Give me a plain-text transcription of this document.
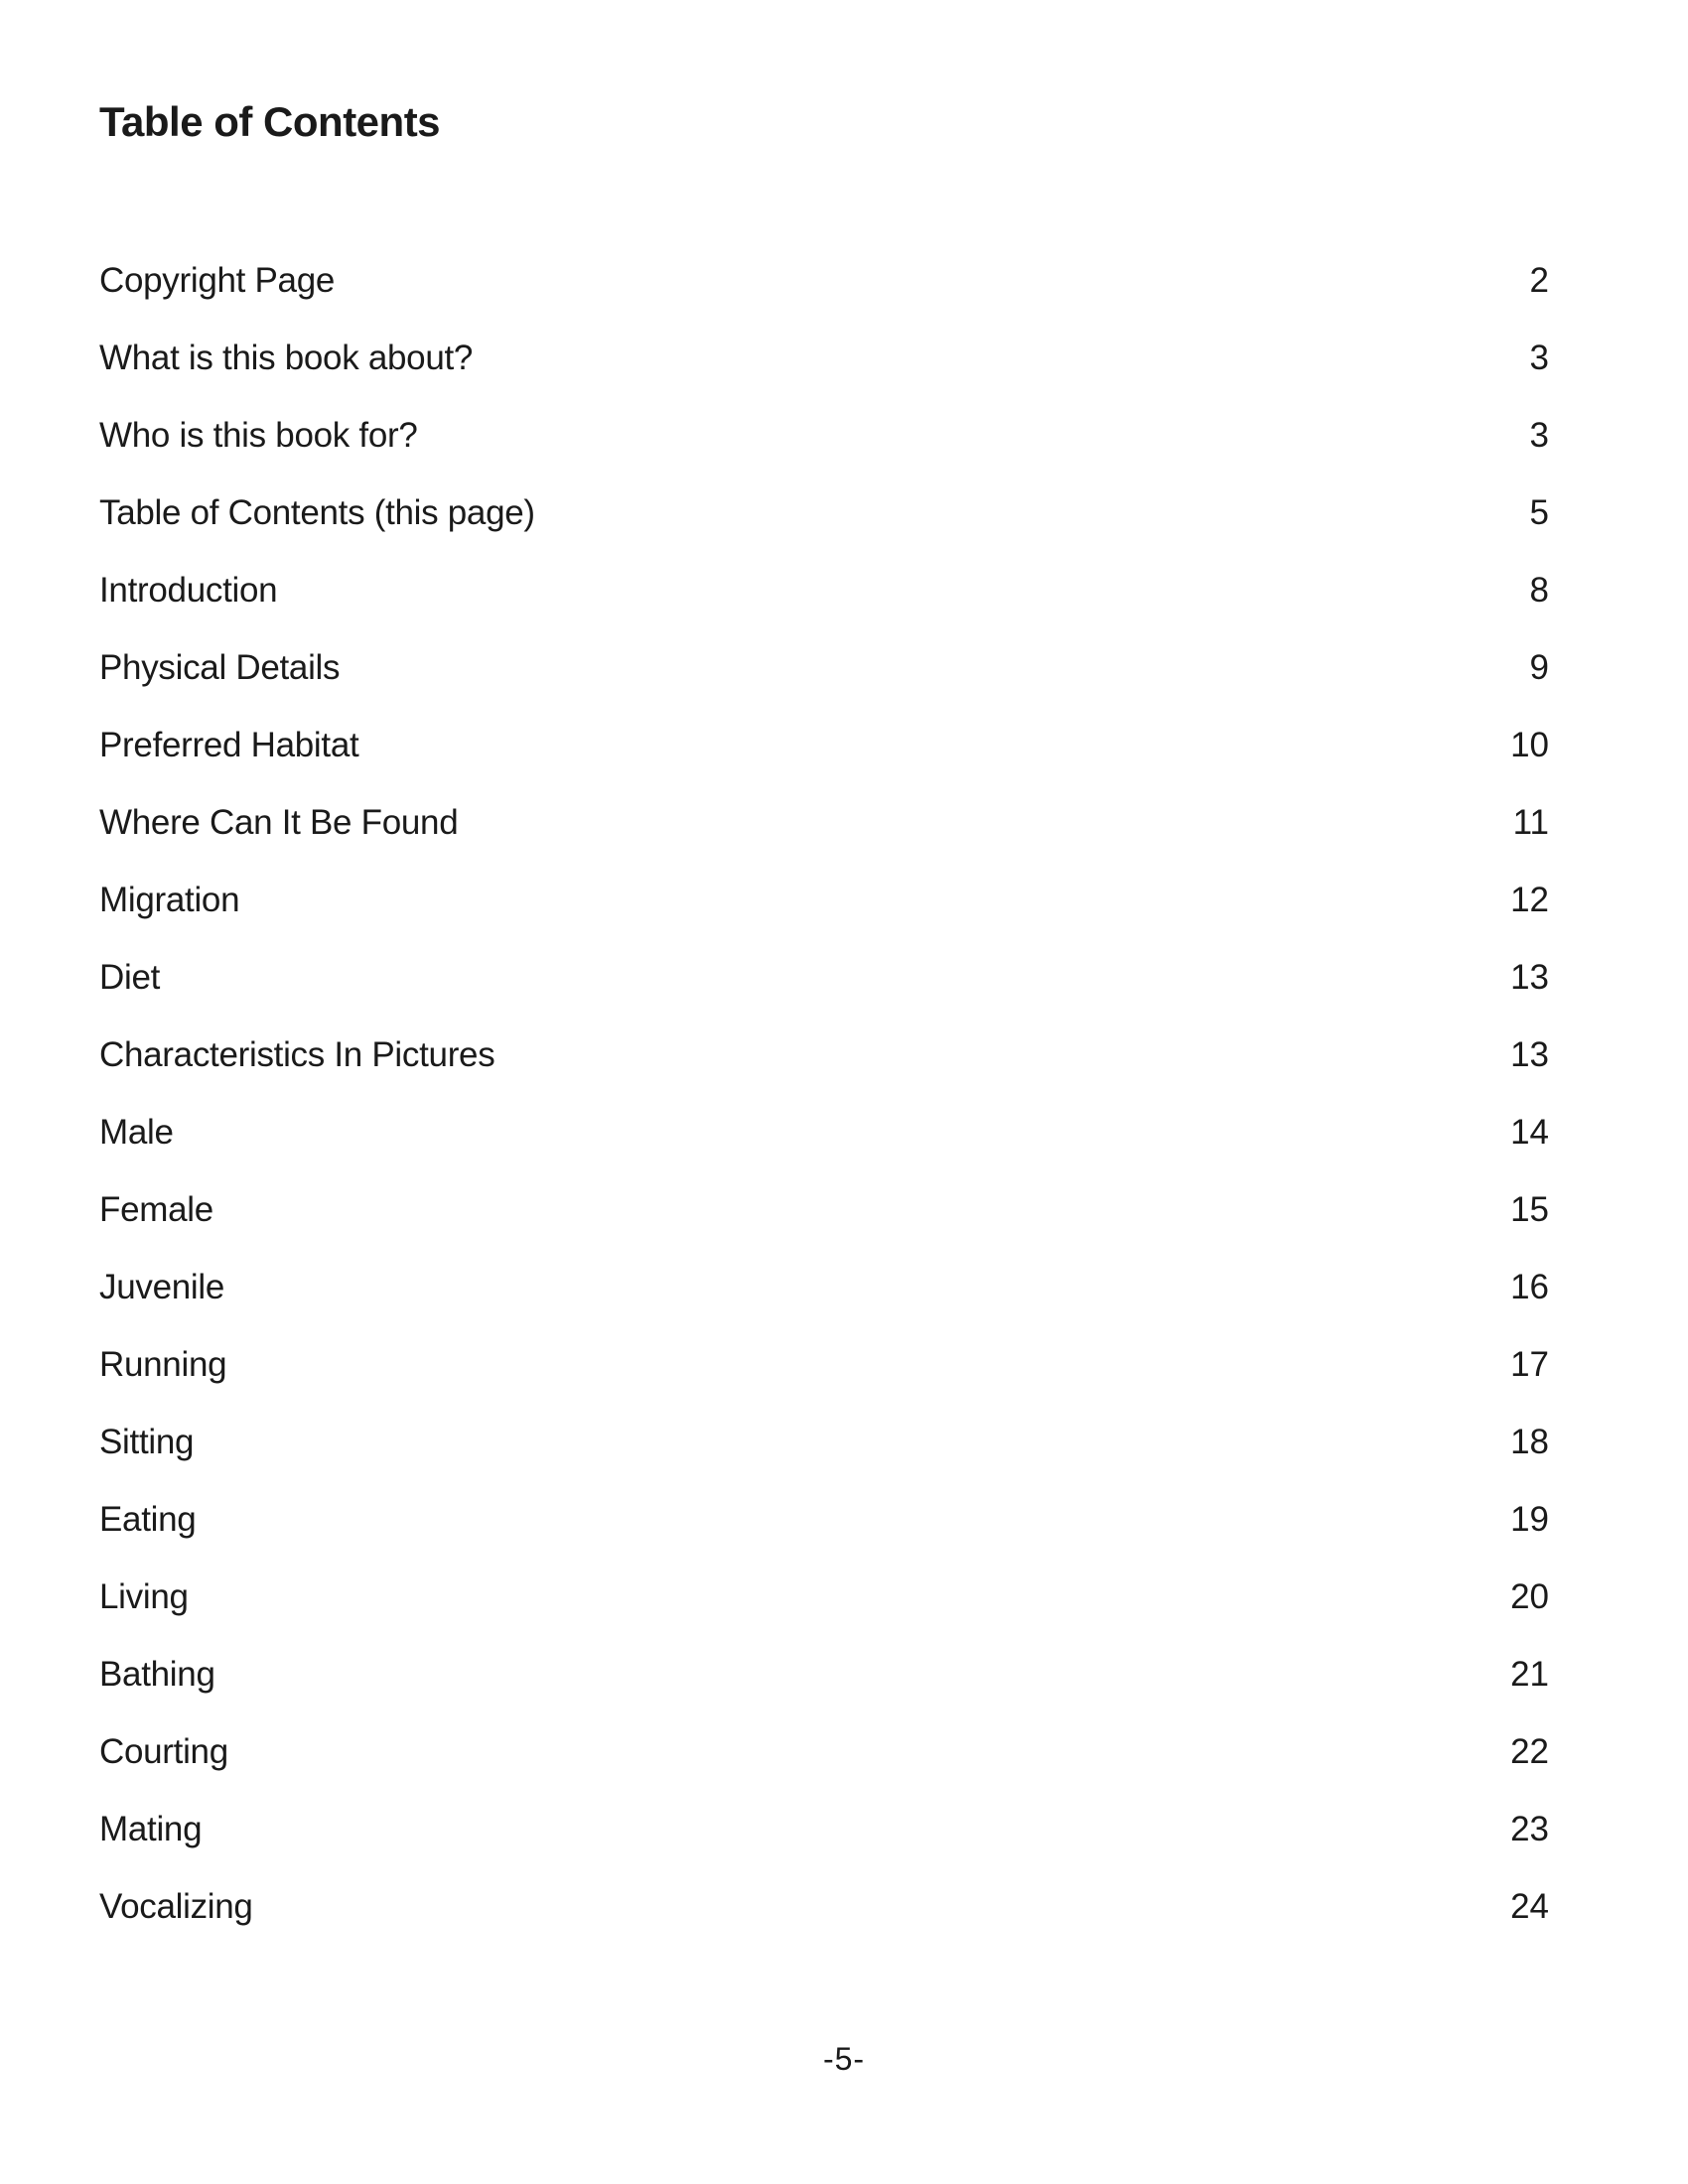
Table of Contents
Copyright Page	2
What is this book about?	3
Who is this book for?	3
Table of Contents (this page)	5
Introduction	8
Physical Details	9
Preferred Habitat	10
Where Can It Be Found	11
Migration	12
Diet	13
Characteristics In Pictures	13
Male	14
Female	15
Juvenile	16
Running	17
Sitting	18
Eating	19
Living	20
Bathing	21
Courting	22
Mating	23
Vocalizing	24
-5-
